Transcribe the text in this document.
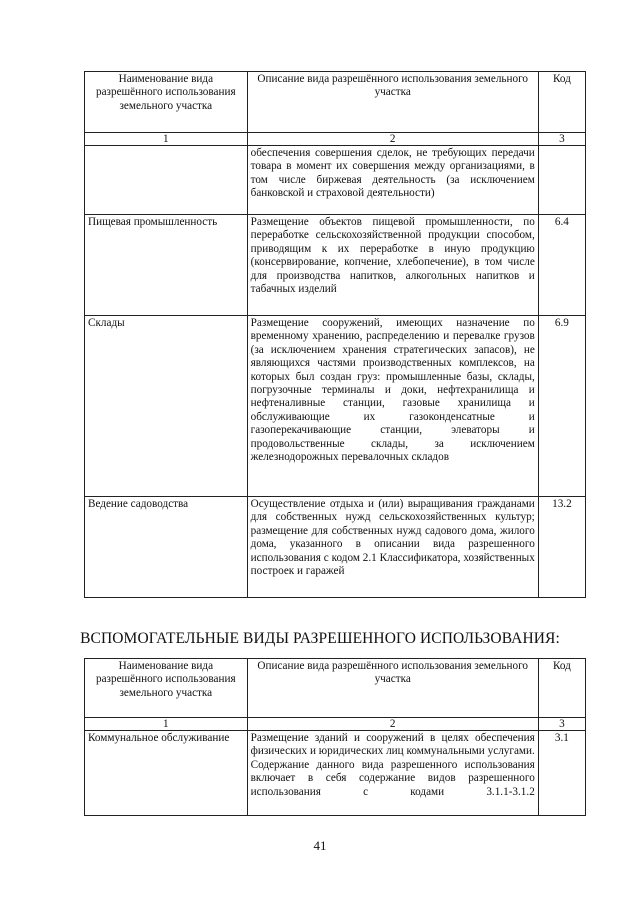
Наименование вида разрешённого использования земельного участка	Описание вида разрешённого использования земельного участка	Код
1	2	3
	обеспечения совершения сделок, не требующих передачи товара в момент их совершения между организациями, в том числе биржевая деятельность (за исключением банковской и страховой деятельности)	
Пищевая промышленность	Размещение объектов пищевой промышленности, по переработке сельскохозяйственной продукции способом, приводящим к их переработке в иную продукцию (консервирование, копчение, хлебопечение), в том числе для производства напитков, алкогольных напитков и табачных изделий	6.4
Склады	Размещение сооружений, имеющих назначение по временному хранению, распределению и перевалке грузов (за исключением хранения стратегических запасов), не являющихся частями производственных комплексов, на которых был создан груз: промышленные базы, склады, погрузочные терминалы и доки, нефтехранилища и нефтеналивные станции, газовые хранилища и обслуживающие их газоконденсатные и газоперекачивающие станции, элеваторы и продовольственные склады, за исключением железнодорожных перевалочных складов	6.9
Ведение садоводства	Осуществление отдыха и (или) выращивания гражданами для собственных нужд сельскохозяйственных культур; размещение для собственных нужд садового дома, жилого дома, указанного в описании вида разрешенного использования с кодом 2.1 Классификатора, хозяйственных построек и гаражей	13.2
ВСПОМОГАТЕЛЬНЫЕ ВИДЫ РАЗРЕШЕННОГО ИСПОЛЬЗОВАНИЯ:
Наименование вида разрешённого использования земельного участка	Описание вида разрешённого использования земельного участка	Код
1	2	3
Коммунальное обслуживание	Размещение зданий и сооружений в целях обеспечения физических и юридических лиц коммунальными услугами. Содержание данного вида разрешенного использования включает в себя содержание видов разрешенного использования с кодами 3.1.1-3.1.2	3.1
41
